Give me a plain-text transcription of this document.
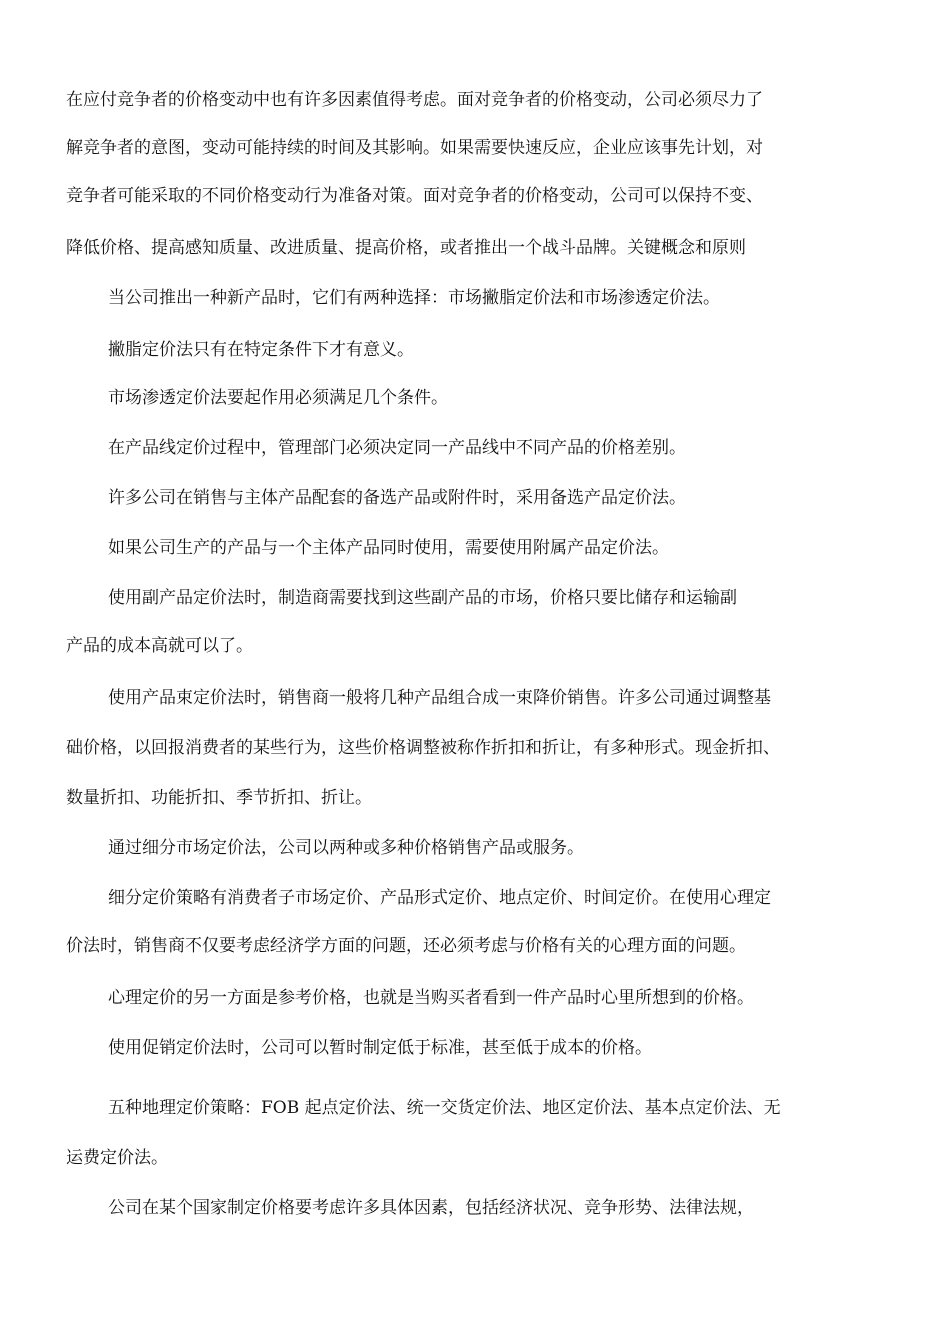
在应付竞争者的价格变动中也有许多因素值得考虑。面对竞争者的价格变动，公司必须尽力了
解竞争者的意图，变动可能持续的时间及其影响。如果需要快速反应，企业应该事先计划，对
竞争者可能采取的不同价格变动行为准备对策。面对竞争者的价格变动，公司可以保持不变、
降低价格、提高感知质量、改进质量、提高价格，或者推出一个战斗品牌。关键概念和原则
当公司推出一种新产品时，它们有两种选择：市场撇脂定价法和市场渗透定价法。
撇脂定价法只有在特定条件下才有意义。
市场渗透定价法要起作用必须满足几个条件。
在产品线定价过程中，管理部门必须决定同一产品线中不同产品的价格差别。
许多公司在销售与主体产品配套的备选产品或附件时，采用备选产品定价法。
如果公司生产的产品与一个主体产品同时使用，需要使用附属产品定价法。
使用副产品定价法时，制造商需要找到这些副产品的市场，价格只要比储存和运输副
产品的成本高就可以了。
使用产品束定价法时，销售商一般将几种产品组合成一束降价销售。许多公司通过调整基
础价格，以回报消费者的某些行为，这些价格调整被称作折扣和折让，有多种形式。现金折扣、
数量折扣、功能折扣、季节折扣、折让。
通过细分市场定价法，公司以两种或多种价格销售产品或服务。
细分定价策略有消费者子市场定价、产品形式定价、地点定价、时间定价。在使用心理定
价法时，销售商不仅要考虑经济学方面的问题，还必须考虑与价格有关的心理方面的问题。
心理定价的另一方面是参考价格，也就是当购买者看到一件产品时心里所想到的价格。
使用促销定价法时，公司可以暂时制定低于标准，甚至低于成本的价格。
五种地理定价策略：FOB 起点定价法、统一交货定价法、地区定价法、基本点定价法、无
运费定价法。
公司在某个国家制定价格要考虑许多具体因素，包括经济状况、竞争形势、法律法规，
